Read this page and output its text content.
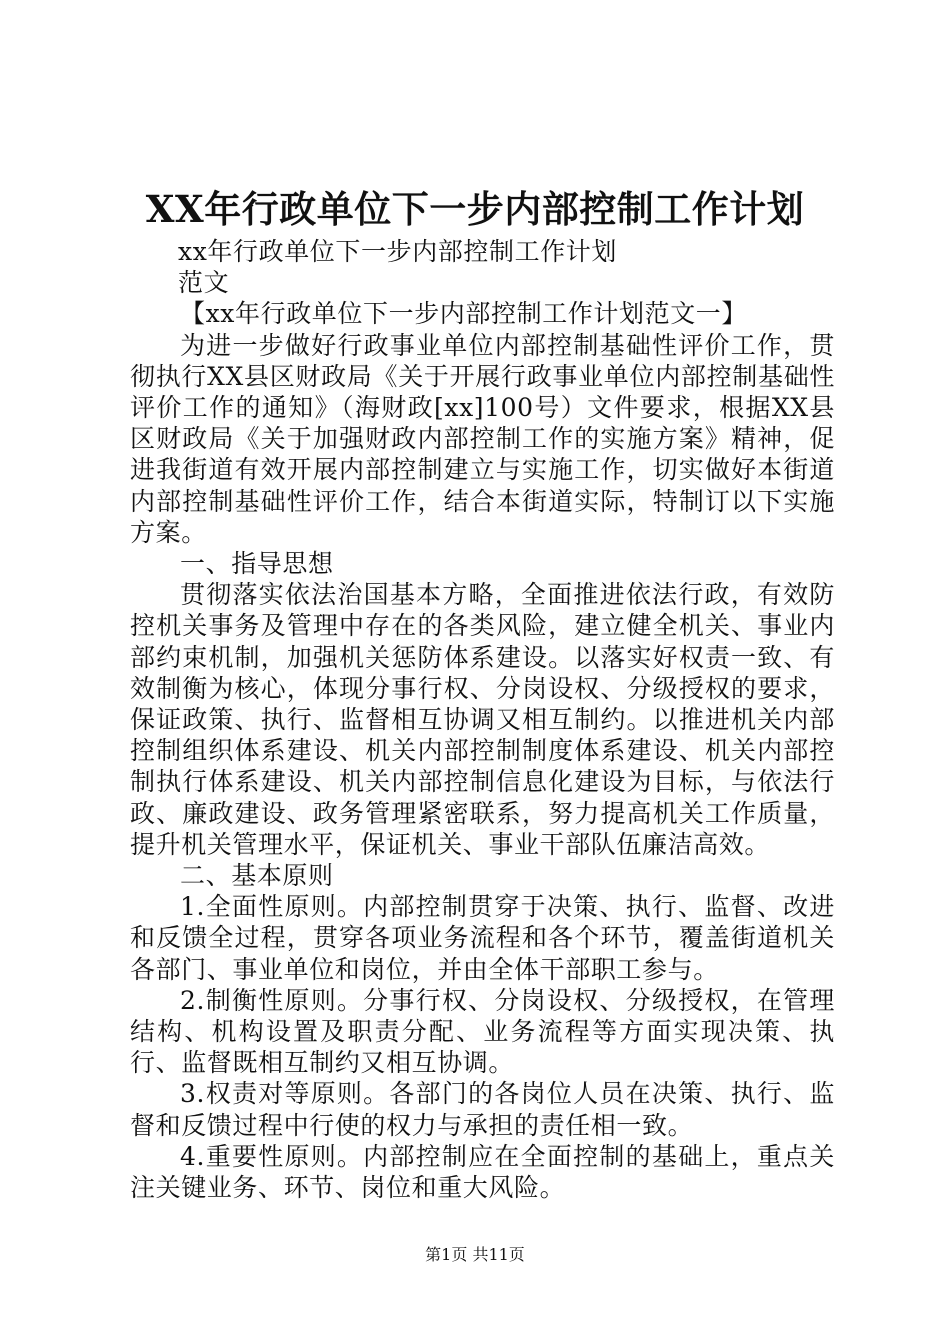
XX年行政单位下一步内部控制工作计划

xx年行政单位下一步内部控制工作计划

范文

【xx年行政单位下一步内部控制工作计划范文一】

为进一步做好行政事业单位内部控制基础性评价工作，贯彻执行XX县区财政局《关于开展行政事业单位内部控制基础性评价工作的通知》（海财政[xx]100号）文件要求，根据XX县区财政局《关于加强财政内部控制工作的实施方案》精神，促进我街道有效开展内部控制建立与实施工作，切实做好本街道内部控制基础性评价工作，结合本街道实际，特制订以下实施方案。

一、指导思想

贯彻落实依法治国基本方略，全面推进依法行政，有效防控机关事务及管理中存在的各类风险，建立健全机关、事业内部约束机制，加强机关惩防体系建设。以落实好权责一致、有效制衡为核心，体现分事行权、分岗设权、分级授权的要求，保证政策、执行、监督相互协调又相互制约。以推进机关内部控制组织体系建设、机关内部控制制度体系建设、机关内部控制执行体系建设、机关内部控制信息化建设为目标，与依法行政、廉政建设、政务管理紧密联系，努力提高机关工作质量，提升机关管理水平，保证机关、事业干部队伍廉洁高效。

二、基本原则

1.全面性原则。内部控制贯穿于决策、执行、监督、改进和反馈全过程，贯穿各项业务流程和各个环节，覆盖街道机关各部门、事业单位和岗位，并由全体干部职工参与。

2.制衡性原则。分事行权、分岗设权、分级授权，在管理结构、机构设置及职责分配、业务流程等方面实现决策、执行、监督既相互制约又相互协调。

3.权责对等原则。各部门的各岗位人员在决策、执行、监督和反馈过程中行使的权力与承担的责任相一致。

4.重要性原则。内部控制应在全面控制的基础上，重点关注关键业务、环节、岗位和重大风险。

第1页 共11页
